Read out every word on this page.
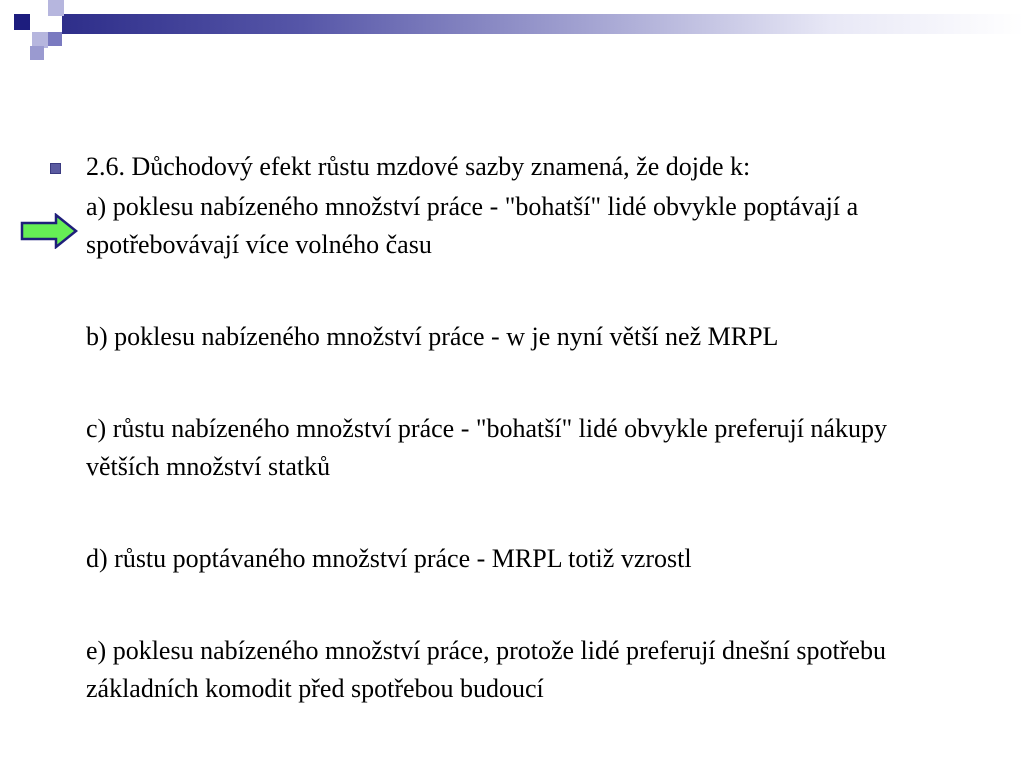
2.6. Důchodový efekt růstu mzdové sazby znamená, že dojde k:
a) poklesu nabízeného množství práce - "bohatší" lidé obvykle poptávají a spotřebovávají více volného času
b) poklesu nabízeného množství práce - w je nyní větší než MRPL
c) růstu nabízeného množství práce - "bohatší" lidé obvykle preferují nákupy větších množství statků
d) růstu poptávaného množství práce - MRPL totiž vzrostl
e) poklesu nabízeného množství práce, protože lidé preferují dnešní spotřebu základních komodit před spotřebou budoucí
